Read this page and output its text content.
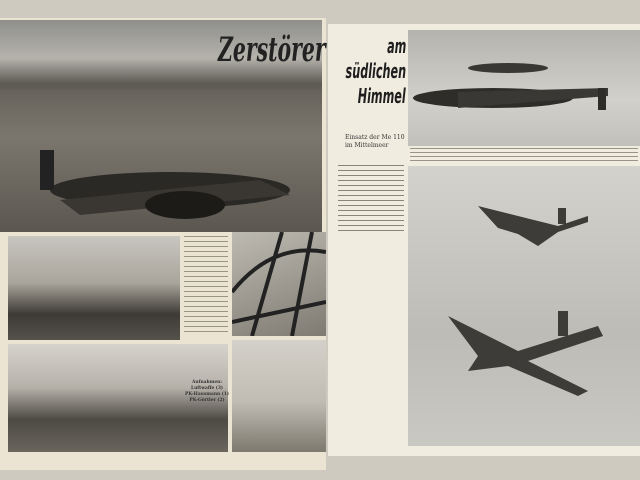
Zerstörer	am
südlichen
Himmel
Einsatz der Me 110 im Mittelmeer
Aufnahmen: Luftwaffe (3)
PK-Hausmann (1)
PK-Görtler (2)
